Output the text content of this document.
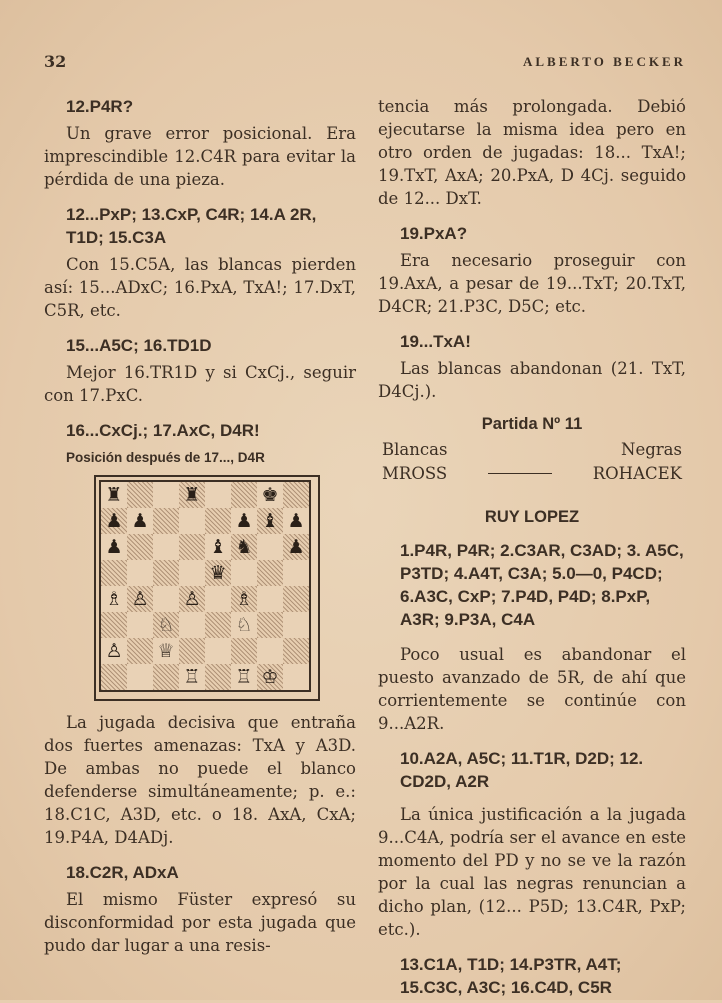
32	ALBERTO BECKER
12.P4R?

Un grave error posicional. Era imprescindible 12.C4R para evitar la pérdida de una pieza.

12...PxP; 13.CxP, C4R; 14.A 2R, T1D; 15.C3A

Con 15.C5A, las blancas pierden así: 15...ADxC; 16.PxA, TxA!; 17.DxT, C5R, etc.

15...A5C; 16.TD1D

Mejor 16.TR1D y si CxCj., seguir con 17.PxC.

16...CxCj.; 17.AxC, D4R!
Posición después de 17..., D4R
♜	♜	♚
♟ ♟	♟ ♝ ♟
♟	♝ ♞ ♟
♛
♗ ♙ ♙ ♗
♘	♘
♙ ♕
♖ ♖ ♔

La jugada decisiva que entraña dos fuertes amenazas: TxA y A3D. De ambas no puede el blanco defenderse simultáneamente; p. e.: 18.C1C, A3D, etc. o 18. AxA, CxA; 19.P4A, D4ADj.

18.C2R, ADxA

El mismo Füster expresó su disconformidad por esta jugada que pudo dar lugar a una resis-

tencia más prolongada. Debió ejecutarse la misma idea pero en otro orden de jugadas: 18... TxA!; 19.TxT, AxA; 20.PxA, D 4Cj. seguido de 12... DxT.

19.PxA?

Era necesario proseguir con 19.AxA, a pesar de 19...TxT; 20.TxT, D4CR; 21.P3C, D5C; etc.

19...TxA!

Las blancas abandonan (21. TxT, D4Cj.).

Partida Nº 11
Blancas	Negras
MROSS	ROHACEK
RUY LOPEZ
1.P4R, P4R; 2.C3AR, C3AD; 3. A5C, P3TD; 4.A4T, C3A; 5.0—0, P4CD; 6.A3C, CxP; 7.P4D, P4D; 8.PxP, A3R; 9.P3A, C4A

Poco usual es abandonar el puesto avanzado de 5R, de ahí que corrientemente se continúe con 9...A2R.

10.A2A, A5C; 11.T1R, D2D; 12. CD2D, A2R

La única justificación a la jugada 9...C4A, podría ser el avance en este momento del PD y no se ve la razón por la cual las negras renuncian a dicho plan, (12... P5D; 13.C4R, PxP; etc.).

13.C1A, T1D; 14.P3TR, A4T; 15.C3C, A3C; 16.C4D, C5R
